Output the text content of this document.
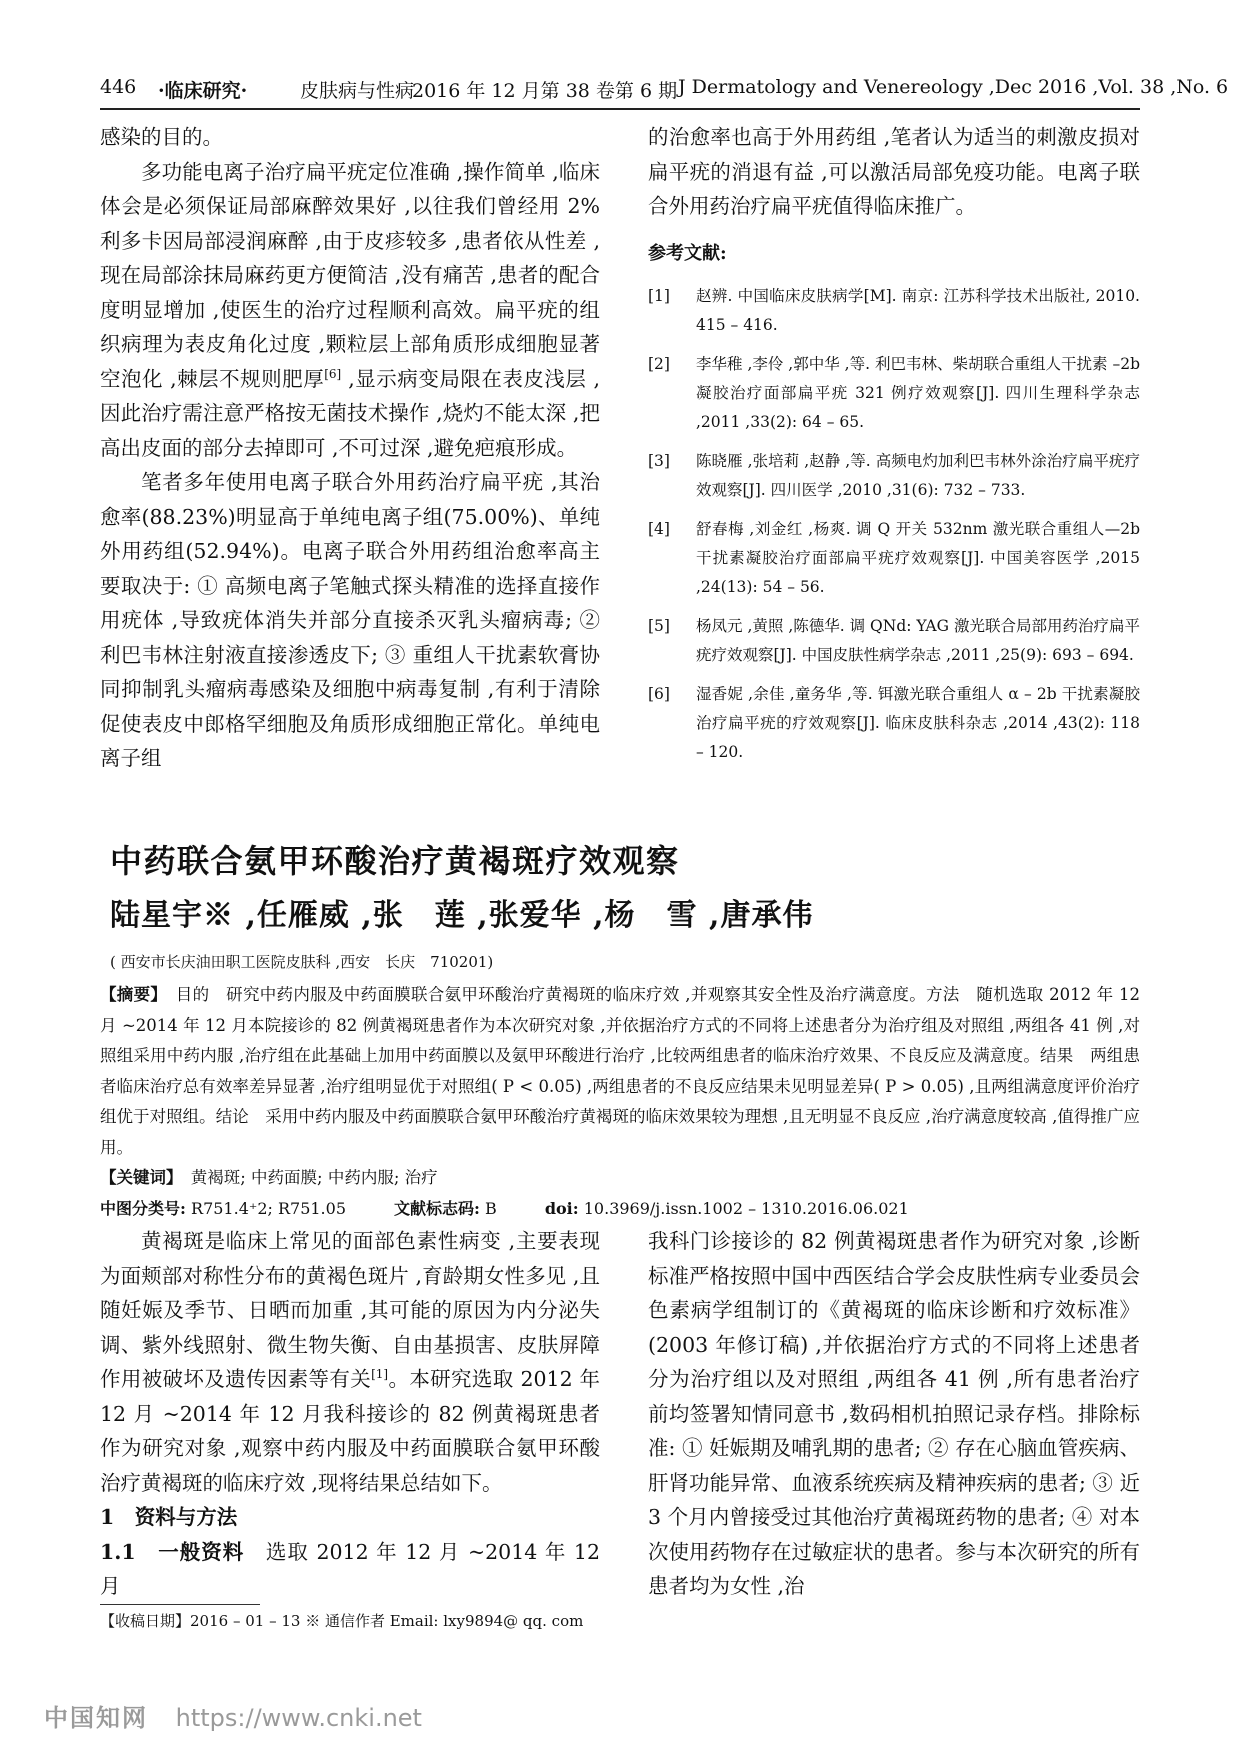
446 ·临床研究·	皮肤病与性病
2016 年 12 月第 38 卷第 6 期 J Dermatology and Venereology ,Dec 2016 ,Vol. 38 ,No. 6

感染的目的。

多功能电离子治疗扁平疣定位准确 ,操作简单 ,临床体会是必须保证局部麻醉效果好 ,以往我们曾经用 2% 利多卡因局部浸润麻醉 ,由于皮疹较多 ,患者依从性差 ,现在局部涂抹局麻药更方便简洁 ,没有痛苦 ,患者的配合度明显增加 ,使医生的治疗过程顺利高效。扁平疣的组织病理为表皮角化过度 ,颗粒层上部角质形成细胞显著空泡化 ,棘层不规则肥厚[6] ,显示病变局限在表皮浅层 ,因此治疗需注意严格按无菌技术操作 ,烧灼不能太深 ,把高出皮面的部分去掉即可 ,不可过深 ,避免疤痕形成。

笔者多年使用电离子联合外用药治疗扁平疣 ,其治愈率(88.23%)明显高于单纯电离子组(75.00%)、单纯外用药组(52.94%)。电离子联合外用药组治愈率高主要取决于: ① 高频电离子笔触式探头精准的选择直接作用疣体 ,导致疣体消失并部分直接杀灭乳头瘤病毒; ② 利巴韦林注射液直接渗透皮下; ③ 重组人干扰素软膏协同抑制乳头瘤病毒感染及细胞中病毒复制 ,有利于清除促使表皮中郎格罕细胞及角质形成细胞正常化。单纯电离子组

的治愈率也高于外用药组 ,笔者认为适当的刺激皮损对扁平疣的消退有益 ,可以激活局部免疫功能。电离子联合外用药治疗扁平疣值得临床推广。

参考文献:
[1] 赵辨. 中国临床皮肤病学[M]. 南京: 江苏科学技术出版社, 2010. 415 – 416.
[2] 李华稚 ,李伶 ,郭中华 ,等. 利巴韦林、柴胡联合重组人干扰素 –2b 凝胶治疗面部扁平疣 321 例疗效观察[J]. 四川生理科学杂志 ,2011 ,33(2): 64 – 65.
[3] 陈晓雁 ,张培莉 ,赵静 ,等. 高频电灼加利巴韦林外涂治疗扁平疣疗效观察[J]. 四川医学 ,2010 ,31(6): 732 – 733.
[4] 舒春梅 ,刘金红 ,杨爽. 调 Q 开关 532nm 激光联合重组人—2b 干扰素凝胶治疗面部扁平疣疗效观察[J]. 中国美容医学 ,2015 ,24(13): 54 – 56.
[5] 杨凤元 ,黄照 ,陈德华. 调 QNd: YAG 激光联合局部用药治疗扁平疣疗效观察[J]. 中国皮肤性病学杂志 ,2011 ,25(9): 693 – 694.
[6] 湿香妮 ,余佳 ,童务华 ,等. 铒激光联合重组人 α – 2b 干扰素凝胶治疗扁平疣的疗效观察[J]. 临床皮肤科杂志 ,2014 ,43(2): 118 – 120.
中药联合氨甲环酸治疗黄褐斑疗效观察
陆星宇※ ,任雁威 ,张　莲 ,张爱华 ,杨　雪 ,唐承伟
( 西安市长庆油田职工医院皮肤科 ,西安　长庆　710201)

【摘要】　 目的　研究中药内服及中药面膜联合氨甲环酸治疗黄褐斑的临床疗效 ,并观察其安全性及治疗满意度。方法　随机选取 2012 年 12 月 ~2014 年 12 月本院接诊的 82 例黄褐斑患者作为本次研究对象 ,并依据治疗方式的不同将上述患者分为治疗组及对照组 ,两组各 41 例 ,对照组采用中药内服 ,治疗组在此基础上加用中药面膜以及氨甲环酸进行治疗 ,比较两组患者的临床治疗效果、不良反应及满意度。结果　两组患者临床治疗总有效率差异显著 ,治疗组明显优于对照组( P < 0.05) ,两组患者的不良反应结果未见明显差异( P > 0.05) ,且两组满意度评价治疗组优于对照组。结论　采用中药内服及中药面膜联合氨甲环酸治疗黄褐斑的临床效果较为理想 ,且无明显不良反应 ,治疗满意度较高 ,值得推广应用。

【关键词】　 黄褐斑; 中药面膜; 中药内服; 治疗

中图分类号: R751.4⁺2; R751.05　　　	文献标志码: B　　　	doi: 10.3969/j.issn.1002 – 1310.2016.06.021

黄褐斑是临床上常见的面部色素性病变 ,主要表现为面颊部对称性分布的黄褐色斑片 ,育龄期女性多见 ,且随妊娠及季节、日晒而加重 ,其可能的原因为内分泌失调、紫外线照射、微生物失衡、自由基损害、皮肤屏障作用被破坏及遗传因素等有关[1]。本研究选取 2012 年 12 月 ~2014 年 12 月我科接诊的 82 例黄褐斑患者作为研究对象 ,观察中药内服及中药面膜联合氨甲环酸治疗黄褐斑的临床疗效 ,现将结果总结如下。

1　资料与方法

1.1　一般资料　 选取 2012 年 12 月 ~2014 年 12 月

我科门诊接诊的 82 例黄褐斑患者作为研究对象 ,诊断标准严格按照中国中西医结合学会皮肤性病专业委员会色素病学组制订的《黄褐斑的临床诊断和疗效标准》(2003 年修订稿) ,并依据治疗方式的不同将上述患者分为治疗组以及对照组 ,两组各 41 例 ,所有患者治疗前均签署知情同意书 ,数码相机拍照记录存档。排除标准: ① 妊娠期及哺乳期的患者; ② 存在心脑血管疾病、肝肾功能异常、血液系统疾病及精神疾病的患者; ③ 近 3 个月内曾接受过其他治疗黄褐斑药物的患者; ④ 对本次使用药物存在过敏症状的患者。参与本次研究的所有患者均为女性 ,治

【收稿日期】2016 – 01 – 13 ※ 通信作者 Email: lxy9894@ qq. com
中国知网 https://www.cnki.net
